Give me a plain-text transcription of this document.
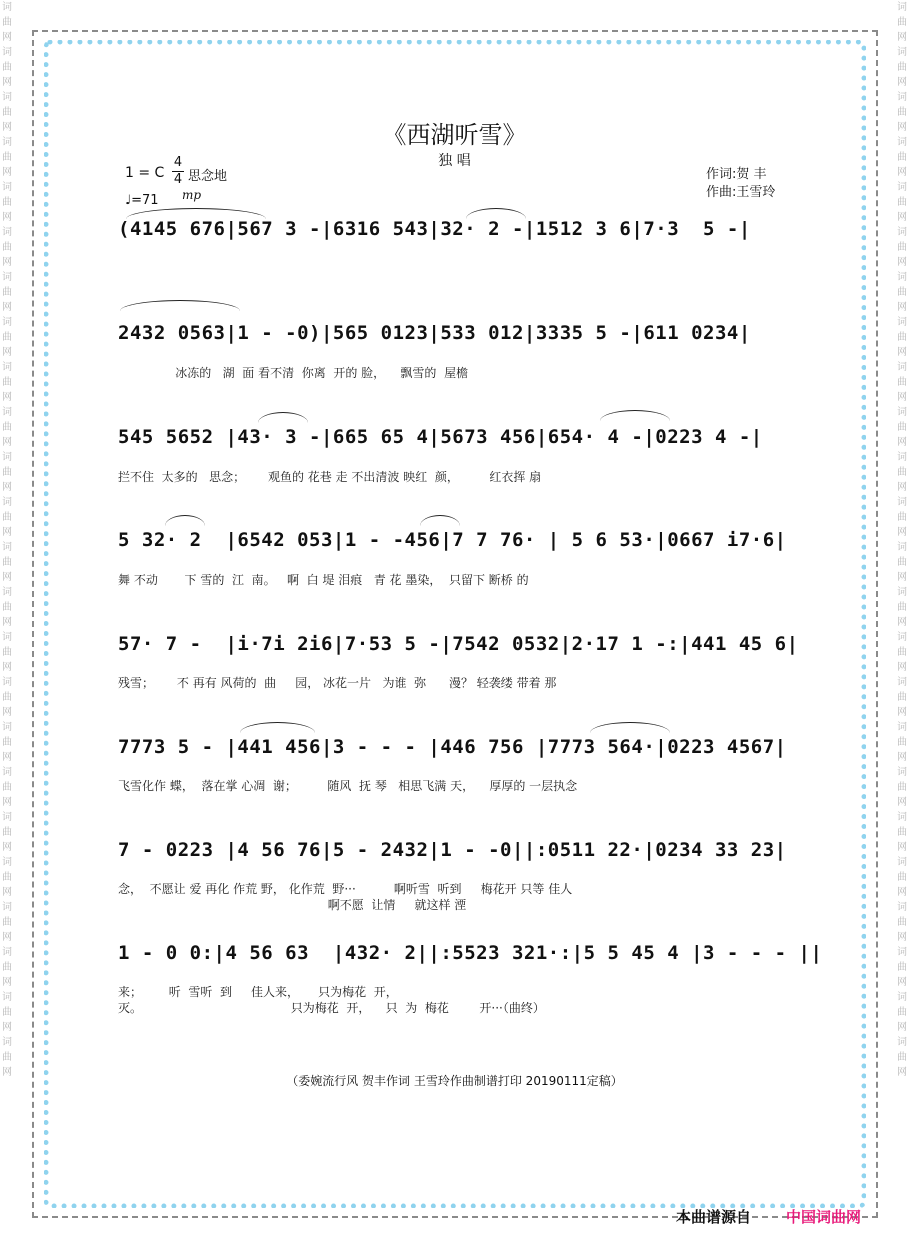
词曲网词曲网词曲网词曲网词曲网词曲网词曲网词曲网词曲网词曲网词曲网词曲网词曲网词曲网词曲网词曲网词曲网词曲网词曲网词曲网词曲网词曲网词曲网词曲网
词曲网词曲网词曲网词曲网词曲网词曲网词曲网词曲网词曲网词曲网词曲网词曲网词曲网词曲网词曲网词曲网词曲网词曲网词曲网词曲网词曲网词曲网词曲网词曲网
《西湖听雪》
独 唱
1 = C
4
4 思念地
♩=71 mp
作词:贺 丰
作曲:王雪玲
(4145 676|567 3 -|6316 543|32· 2 -|1512 3 6|7·3  5 -|
2432 0563|1 - -0)|565 0123|533 012|3335 5 -|611 0234|
冰冻的   湖  面 看不清  你离  开的 脸，    飘雪的  屋檐
545 5652 |43· 3 -|665 65 4|5673 456|654· 4 -|0223 4 -|
拦不住  太多的   思念；      观鱼的 花巷 走 不出清波 映红  颜，        红衣挥 扇
5 32· 2  |6542 053|1 - -456|7 7 76· | 5 6 53·|0667 i7·6|
舞 不动       下 雪的  江  南。   啊  白 堤 泪痕   青 花 墨染，  只留下 断桥 的
57· 7 -  |i·7i 2i6|7·53 5 -|7542 0532|2·17 1 -:|441 45 6|
残雪；      不 再有 风荷的  曲     园， 冰花一片   为谁  弥      漫？ 轻袭缕 带着 那
7773 5 - |441 456|3 - - - |446 756 |7773 564·|0223 4567|
飞雪化作 蝶，  落在掌 心凋  谢；        随风  抚 琴   相思飞满 天，    厚厚的 一层执念
7 - 0223 |4 56 76|5 - 2432|1 - -0||:0511 22·|0234 33 23|
念，  不愿让 爱 再化 作荒 野， 化作荒  野···          啊听雪  听到     梅花开 只等 佳人
啊不愿  让情     就这样 湮
1 - 0 0:|4 56 63  |432· 2||:5523 321·:|5 5 45 4 |3 - - - ||
来；       听  雪听  到     佳人来，     只为梅花  开，
灭。                                       只为梅花  开，    只  为  梅花        开···（曲终）
（委婉流行风 贺丰作词 王雪玲作曲制谱打印 20190111定稿）
本曲谱源自 中国词曲网
